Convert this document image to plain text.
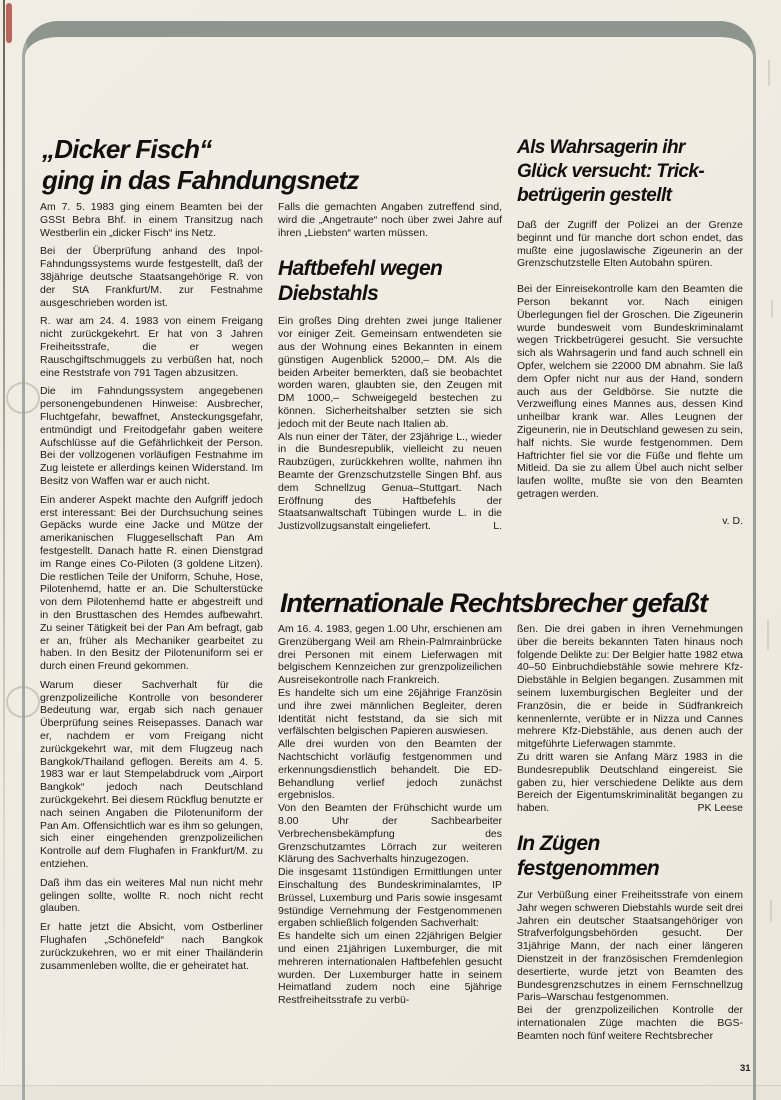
„Dicker Fisch“
ging in das Fahndungsnetz

Am 7. 5. 1983 ging einem Beamten bei der GSSt Bebra Bhf. in einem Transitzug nach Westberlin ein „dicker Fisch“ ins Netz.

Bei der Überprüfung anhand des Inpol-Fahndungssystems wurde festgestellt, daß der 38jährige deutsche Staatsangehörige R. von der StA Frankfurt/M. zur Festnahme ausgeschrieben worden ist.

R. war am 24. 4. 1983 von einem Freigang nicht zurückgekehrt. Er hat von 3 Jahren Freiheitsstrafe, die er wegen Rauschgiftschmuggels zu verbüßen hat, noch eine Reststrafe von 791 Tagen abzusitzen.

Die im Fahndungssystem angegebenen personengebundenen Hinweise: Ausbrecher, Fluchtgefahr, bewaffnet, Ansteckungsgefahr, entmündigt und Freitodgefahr gaben weitere Aufschlüsse auf die Gefährlichkeit der Person. Bei der vollzogenen vorläufigen Festnahme im Zug leistete er allerdings keinen Widerstand. Im Besitz von Waffen war er auch nicht.

Ein anderer Aspekt machte den Aufgriff jedoch erst interessant: Bei der Durchsuchung seines Gepäcks wurde eine Jacke und Mütze der amerikanischen Fluggesellschaft Pan Am festgestellt. Danach hatte R. einen Dienstgrad im Range eines Co-Piloten (3 goldene Litzen). Die restlichen Teile der Uniform, Schuhe, Hose, Pilotenhemd, hatte er an. Die Schulterstücke von dem Pilotenhemd hatte er abgestreift und in den Brusttaschen des Hemdes aufbewahrt. Zu seiner Tätigkeit bei der Pan Am befragt, gab er an, früher als Mechaniker gearbeitet zu haben. In den Besitz der Pilotenuniform sei er durch einen Freund gekommen.

Warum dieser Sachverhalt für die grenzpolizeiliche Kontrolle von besonderer Bedeutung war, ergab sich nach genauer Überprüfung seines Reisepasses. Danach war er, nachdem er vom Freigang nicht zurückgekehrt war, mit dem Flugzeug nach Bangkok/Thailand geflogen. Bereits am 4. 5. 1983 war er laut Stempelabdruck vom „Airport Bangkok“ jedoch nach Deutschland zurückgekehrt. Bei diesem Rückflug benutzte er nach seinen Angaben die Pilotenuniform der Pan Am. Offensichtlich war es ihm so gelungen, sich einer eingehenden grenzpolizeilichen Kontrolle auf dem Flughafen in Frankfurt/M. zu entziehen.

Daß ihm das ein weiteres Mal nun nicht mehr gelingen sollte, wollte R. noch nicht recht glauben.

Er hatte jetzt die Absicht, vom Ostberliner Flughafen „Schönefeld“ nach Bangkok zurückzukehren, wo er mit einer Thailänderin zusammenleben wollte, die er geheiratet hat.

Falls die gemachten Angaben zutreffend sind, wird die „Angetraute“ noch über zwei Jahre auf ihren „Liebsten“ warten müssen.

Haftbefehl wegen
Diebstahls

Ein großes Ding drehten zwei junge Italiener vor einiger Zeit. Gemeinsam entwendeten sie aus der Wohnung eines Bekannten in einem günstigen Augenblick 52000,– DM. Als die beiden Arbeiter bemerkten, daß sie beobachtet worden waren, glaubten sie, den Zeugen mit DM 1000,– Schweigegeld bestechen zu können. Sicherheitshalber setzten sie sich jedoch mit der Beute nach Italien ab.

Als nun einer der Täter, der 23jährige L., wieder in die Bundesrepublik, vielleicht zu neuen Raubzügen, zurückkehren wollte, nahmen ihn Beamte der Grenzschutzstelle Singen Bhf. aus dem Schnellzug Genua–Stuttgart. Nach Eröffnung des Haftbefehls der Staatsanwaltschaft Tübingen wurde L. in die Justizvollzugsanstalt eingeliefert.	L.

Als Wahrsagerin ihr
Glück versucht: Trick-
betrügerin gestellt

Daß der Zugriff der Polizei an der Grenze beginnt und für manche dort schon endet, das mußte eine jugoslawische Zigeunerin an der Grenzschutzstelle Elten Autobahn spüren.

Bei der Einreisekontrolle kam den Beamten die Person bekannt vor. Nach einigen Überlegungen fiel der Groschen. Die Zigeunerin wurde bundesweit vom Bundeskriminalamt wegen Trickbetrügerei gesucht. Sie versuchte sich als Wahrsagerin und fand auch schnell ein Opfer, welchem sie 22000 DM abnahm. Sie laß dem Opfer nicht nur aus der Hand, sondern auch aus der Geldbörse. Sie nutzte die Verzweiflung eines Mannes aus, dessen Kind unheilbar krank war. Alles Leugnen der Zigeunerin, nie in Deutschland gewesen zu sein, half nichts. Sie wurde festgenommen. Dem Haftrichter fiel sie vor die Füße und flehte um Mitleid. Da sie zu allem Übel auch nicht selber laufen wollte, mußte sie von den Beamten getragen werden.

v. D.
Internationale Rechtsbrecher gefaßt

Am 16. 4. 1983, gegen 1.00 Uhr, erschienen am Grenzübergang Weil am Rhein-Palmrainbrücke drei Personen mit einem Lieferwagen mit belgischem Kennzeichen zur grenzpolizeilichen Ausreisekontrolle nach Frankreich.

Es handelte sich um eine 26jährige Französin und ihre zwei männlichen Begleiter, deren Identität nicht feststand, da sie sich mit verfälschten belgischen Papieren auswiesen.

Alle drei wurden von den Beamten der Nachtschicht vorläufig festgenommen und erkennungsdienstlich behandelt. Die ED-Behandlung verlief jedoch zunächst ergebnislos.

Von den Beamten der Frühschicht wurde um 8.00 Uhr der Sachbearbeiter Verbrechensbekämpfung des Grenzschutzamtes Lörrach zur weiteren Klärung des Sachverhalts hinzugezogen.

Die insgesamt 11stündigen Ermittlungen unter Einschaltung des Bundeskriminalamtes, IP Brüssel, Luxemburg und Paris sowie insgesamt 9stündige Vernehmung der Festgenommenen ergaben schließlich folgenden Sachverhalt:

Es handelte sich um einen 22jährigen Belgier und einen 21jährigen Luxemburger, die mit mehreren internationalen Haftbefehlen gesucht wurden. Der Luxemburger hatte in seinem Heimatland zudem noch eine 5jährige Restfreiheitsstrafe zu verbü-

ßen. Die drei gaben in ihren Vernehmungen über die bereits bekannten Taten hinaus noch folgende Delikte zu: Der Belgier hatte 1982 etwa 40–50 Einbruchdiebstähle sowie mehrere Kfz-Diebstähle in Belgien begangen. Zusammen mit seinem luxemburgischen Begleiter und der Französin, die er beide in Südfrankreich kennenlernte, verübte er in Nizza und Cannes mehrere Kfz-Diebstähle, aus denen auch der mitgeführte Lieferwagen stammte.

Zu dritt waren sie Anfang März 1983 in die Bundesrepublik Deutschland eingereist. Sie gaben zu, hier verschiedene Delikte aus dem Bereich der Eigentumskriminalität begangen zu haben.	PK Leese

In Zügen
festgenommen

Zur Verbüßung einer Freiheitsstrafe von einem Jahr wegen schweren Diebstahls wurde seit drei Jahren ein deutscher Staatsangehöriger von Strafverfolgungsbehörden gesucht. Der 31jährige Mann, der nach einer längeren Dienstzeit in der französischen Fremdenlegion desertierte, wurde jetzt von Beamten des Bundesgrenzschutzes in einem Fernschnellzug Paris–Warschau festgenommen.

Bei der grenzpolizeilichen Kontrolle der internationalen Züge machten die BGS-Beamten noch fünf weitere Rechtsbrecher

31
